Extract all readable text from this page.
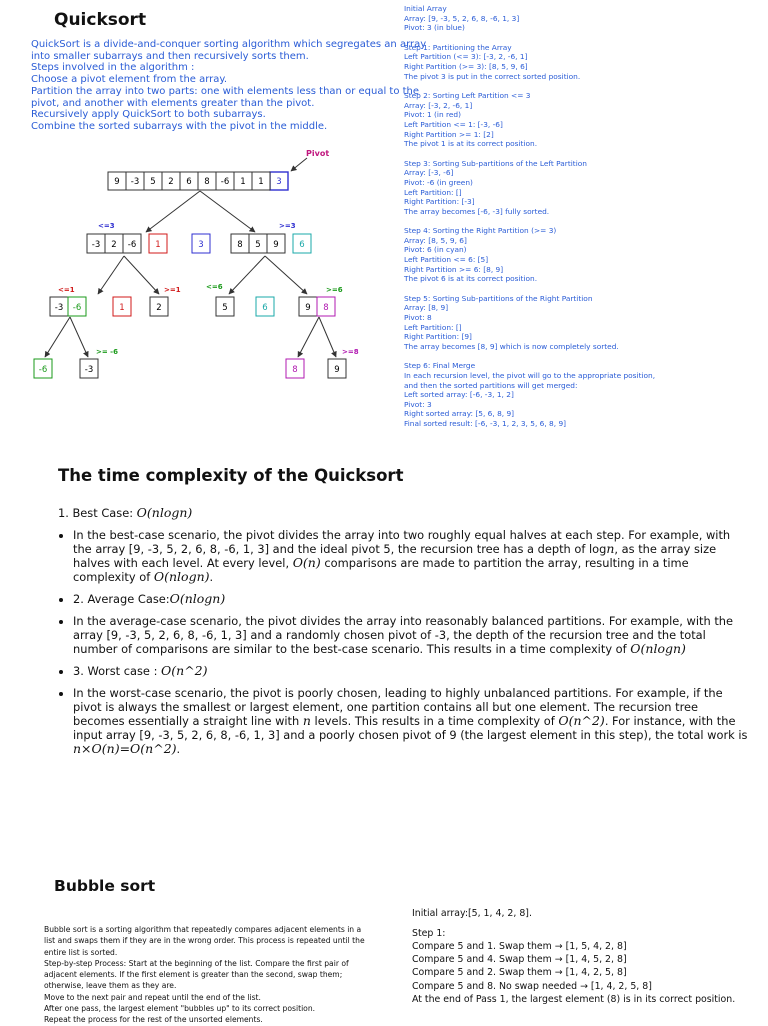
Quicksort

QuickSort is a divide-and-conquer sorting algorithm which segregates an array

into smaller subarrays and then recursively sorts them.

Steps involved in the algorithm :

Choose a pivot element from the array.

Partition the array into two parts: one with elements less than or equal to the

pivot, and another with elements greater than the pivot.

Recursively apply QuickSort to both subarrays.

Combine the sorted subarrays with the pivot in the middle.

Initial Array

Array: [9, -3, 5, 2, 6, 8, -6, 1, 3]

Pivot: 3 (in blue)

Step 1: Partitioning the Array

Left Partition (<= 3): [-3, 2, -6, 1]

Right Partition (>= 3): [8, 5, 9, 6]

The pivot 3 is put in the correct sorted position.

Step 2: Sorting Left Partition <= 3

Array: [-3, 2, -6, 1]

Pivot: 1 (in red)

Left Partition <= 1: [-3, -6]

Right Partition >= 1: [2]

The pivot 1 is at its correct position.

Step 3: Sorting Sub-partitions of the Left Partition

Array: [-3, -6]

Pivot: -6 (in green)

Left Partition: []

Right Partition: [-3]

The array becomes [-6, -3] fully sorted.

Step 4: Sorting the Right Partition (>= 3)

Array: [8, 5, 9, 6]

Pivot: 6 (in cyan)

Left Partition <= 6: [5]

Right Partition >= 6: [8, 9]

The pivot 6 is at its correct position.

Step 5: Sorting Sub-partitions of the Right Partition

Array: [8, 9]

Pivot: 8

Left Partition: []

Right Partition: [9]

The array becomes [8, 9] which is now completely sorted.

Step 6: Final Merge

In each recursion level, the pivot will go to the appropriate position,

and then the sorted partitions will get merged:

Left sorted array: [-6, -3, 1, 2]

Pivot: 3

Right sorted array: [5, 6, 8, 9]

Final sorted result: [-6, -3, 1, 2, 3, 5, 6, 8, 9]

Pivot
9 -3 5 2 6 8 -6 1	3
1
<=3	>=3
<=1	>=1	<=6	>=6
>= -6	>=8
-3 2 -6 1	3	8 5 9 6
-3 -6	1	2	5	6	9 8
-6	-3	8	9
The time complexity of the Quicksort

1. Best Case: O(nlogn)

• In the best-case scenario, the pivot divides the array into two roughly equal halves at each step. For example, with the array [9, -3, 5, 2, 6, 8, -6, 1, 3] and the ideal pivot 5, the recursion tree has a depth of logn, as the array size halves with each level. At every level, O(n) comparisons are made to partition the array, resulting in a time complexity of O(nlogn).
• 2. Average Case:O(nlogn)
• In the average-case scenario, the pivot divides the array into reasonably balanced partitions. For example, with the array [9, -3, 5, 2, 6, 8, -6, 1, 3] and a randomly chosen pivot of -3, the depth of the recursion tree and the total number of comparisons are similar to the best-case scenario. This results in a time complexity of O(nlogn)
• 3. Worst case : O(n^2)
• In the worst-case scenario, the pivot is poorly chosen, leading to highly unbalanced partitions. For example, if the pivot is always the smallest or largest element, one partition contains all but one element. The recursion tree becomes essentially a straight line with n levels. This results in a time complexity of O(n^2). For instance, with the input array [9, -3, 5, 2, 6, 8, -6, 1, 3] and a poorly chosen pivot of 9 (the largest element in this step), the total work is n×O(n)=O(n^2).
Bubble sort

Bubble sort is a sorting algorithm that repeatedly compares adjacent elements in a list and swaps them if they are in the wrong order. This process is repeated until the entire list is sorted.

Step-by-step Process: Start at the beginning of the list. Compare the first pair of adjacent elements. If the first element is greater than the second, swap them; otherwise, leave them as they are.

Move to the next pair and repeat until the end of the list.

After one pass, the largest element "bubbles up" to its correct position.

Repeat the process for the rest of the unsorted elements.

Initial array:[5, 1, 4, 2, 8].

Step 1:

Compare 5 and 1. Swap them → [1, 5, 4, 2, 8]

Compare 5 and 4. Swap them → [1, 4, 5, 2, 8]

Compare 5 and 2. Swap them → [1, 4, 2, 5, 8]

Compare 5 and 8. No swap needed → [1, 4, 2, 5, 8]

At the end of Pass 1, the largest element (8) is in its correct position.
